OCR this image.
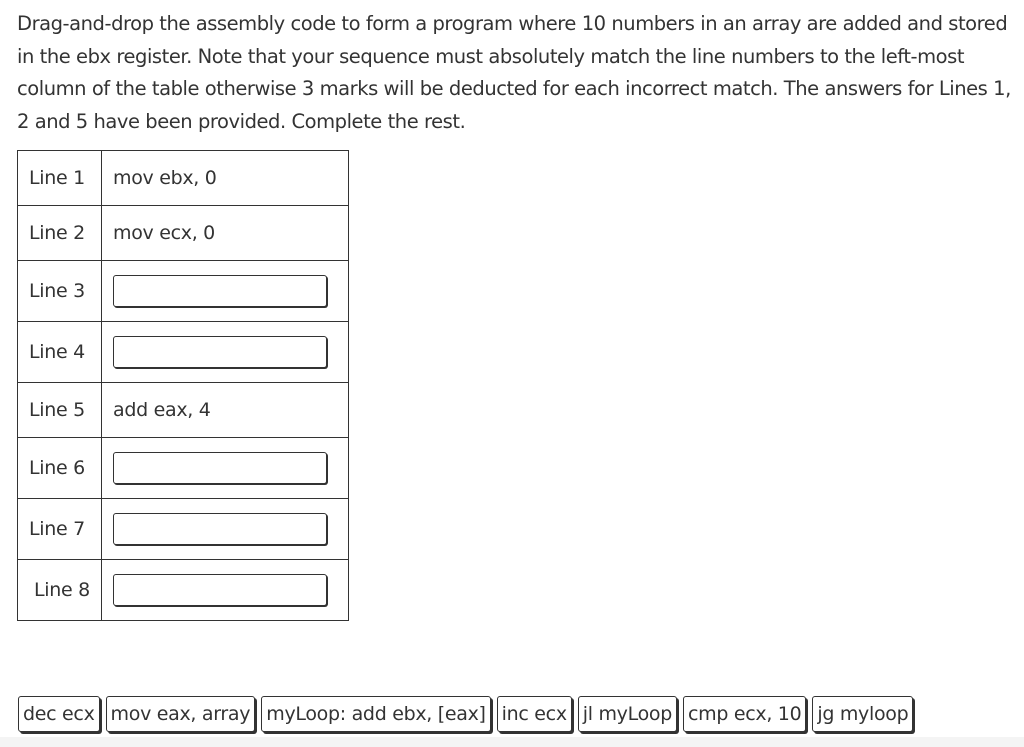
Drag-and-drop the assembly code to form a program where 10 numbers in an array are added and stored in the ebx register. Note that your sequence must absolutely match the line numbers to the left-most column of the table otherwise 3 marks will be deducted for each incorrect match. The answers for Lines 1, 2 and 5 have been provided. Complete the rest.

Line 1	mov ebx, 0
Line 2	mov ecx, 0
Line 3	

Line 4	

Line 5	add eax, 4
Line 6	

Line 7	

Line 8	
dec ecx mov eax, array myLoop: add ebx, [eax] inc ecx jl myLoop cmp ecx, 10 jg myloop
